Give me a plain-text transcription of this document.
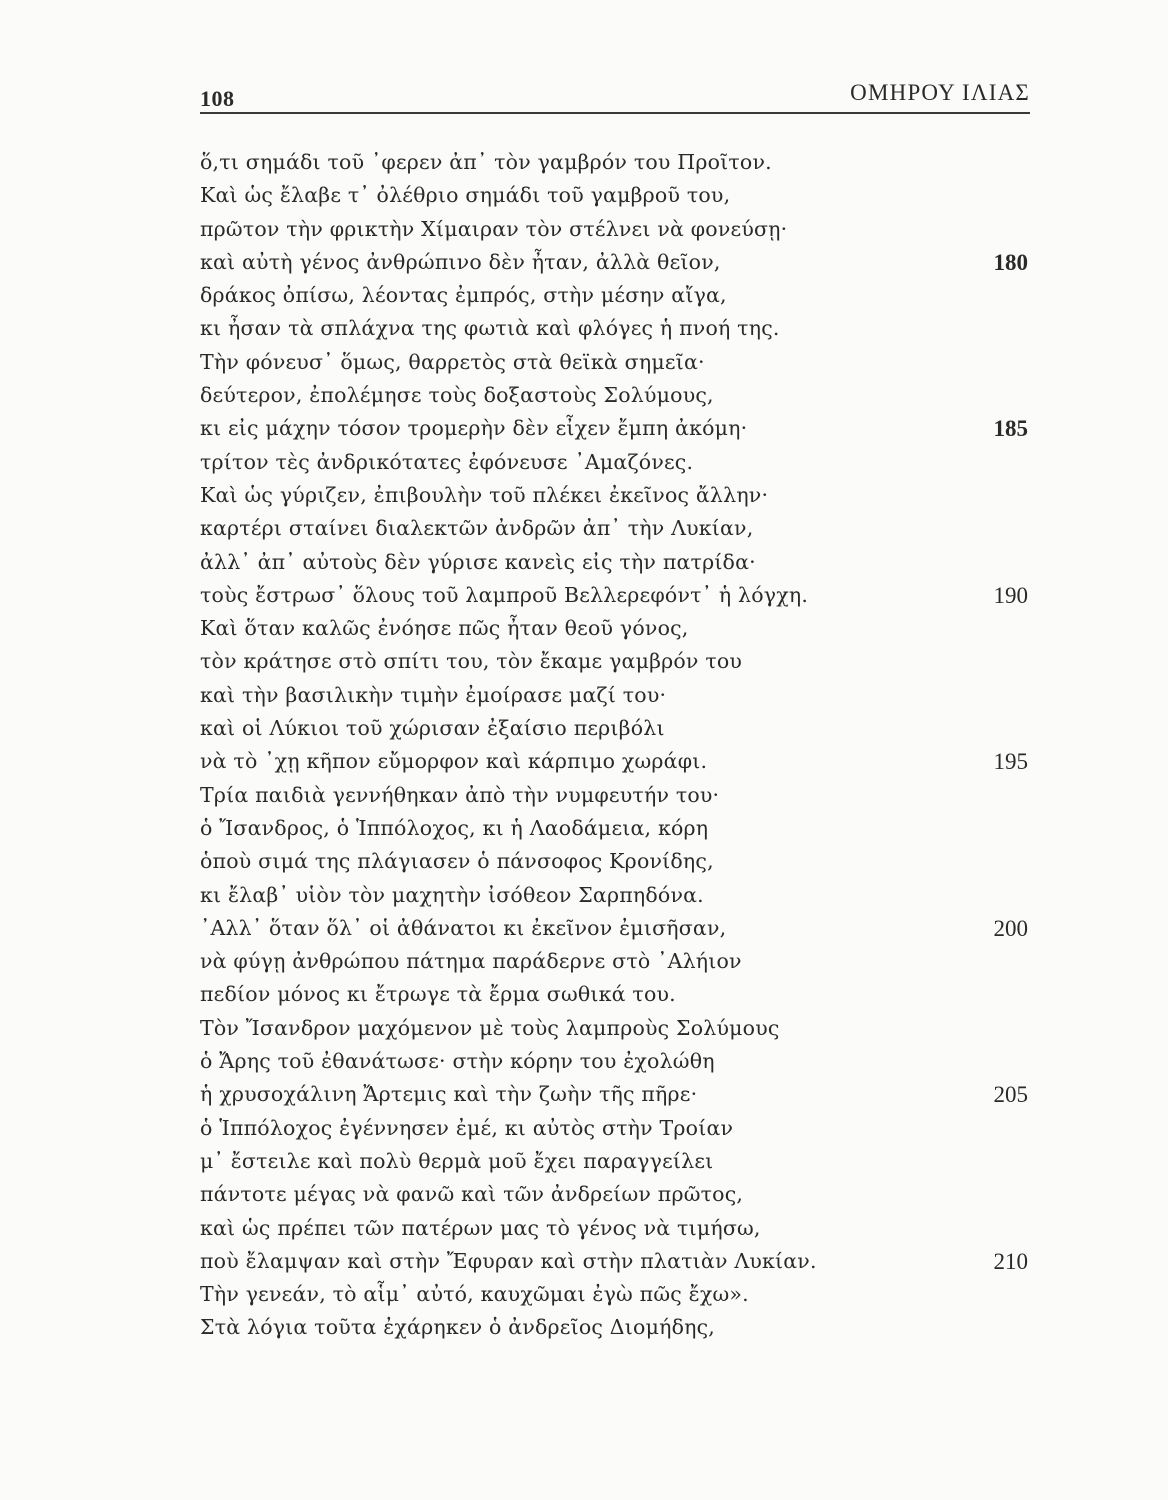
108	ΟΜΗΡΟΥ ΙΛΙΑΣ
ὅ,τι σημάδι τοῦ ᾽φερεν ἀπ᾽ τὸν γαμβρόν του Προῖτον.
Καὶ ὡς ἔλαβε τ᾽ ὀλέθριο σημάδι τοῦ γαμβροῦ του,
πρῶτον τὴν φρικτὴν Χίμαιραν τὸν στέλνει νὰ φονεύσῃ·
καὶ αὐτὴ γένος ἀνθρώπινο δὲν ἦταν, ἀλλὰ θεῖον,	180
δράκος ὀπίσω, λέοντας ἐμπρός, στὴν μέσην αἴγα,
κι ἦσαν τὰ σπλάχνα της φωτιὰ καὶ φλόγες ἡ πνοή της.
Τὴν φόνευσ᾽ ὅμως, θαρρετὸς στὰ θεϊκὰ σημεῖα·
δεύτερον, ἐπολέμησε τοὺς δοξαστοὺς Σολύμους,
κι εἰς μάχην τόσον τρομερὴν δὲν εἶχεν ἔμπη ἀκόμη·	185
τρίτον τὲς ἀνδρικότατες ἐφόνευσε ᾽Αμαζόνες.
Καὶ ὡς γύριζεν, ἐπιβουλὴν τοῦ πλέκει ἐκεῖνος ἄλλην·
καρτέρι σταίνει διαλεκτῶν ἀνδρῶν ἀπ᾽ τὴν Λυκίαν,
ἀλλ᾽ ἀπ᾽ αὐτοὺς δὲν γύρισε κανεὶς εἰς τὴν πατρίδα·
τοὺς ἔστρωσ᾽ ὅλους τοῦ λαμπροῦ Βελλερεφόντ᾽ ἡ λόγχη.	190
Καὶ ὅταν καλῶς ἐνόησε πῶς ἦταν θεοῦ γόνος,
τὸν κράτησε στὸ σπίτι του, τὸν ἔκαμε γαμβρόν του
καὶ τὴν βασιλικὴν τιμὴν ἐμοίρασε μαζί του·
καὶ οἱ Λύκιοι τοῦ χώρισαν ἐξαίσιο περιβόλι
νὰ τὸ ᾽χῃ κῆπον εὔμορφον καὶ κάρπιμο χωράφι.	195
Τρία παιδιὰ γεννήθηκαν ἀπὸ τὴν νυμφευτήν του·
ὁ Ἴσανδρος, ὁ Ἱππόλοχος, κι ἡ Λαοδάμεια, κόρη
ὁποὺ σιμά της πλάγιασεν ὁ πάνσοφος Κρονίδης,
κι ἔλαβ᾽ υἱὸν τὸν μαχητὴν ἰσόθεον Σαρπηδόνα.
᾽Αλλ᾽ ὅταν ὅλ᾽ οἱ ἀθάνατοι κι ἐκεῖνον ἐμισῆσαν,	200
νὰ φύγῃ ἀνθρώπου πάτημα παράδερνε στὸ ᾽Αλήιον
πεδίον μόνος κι ἔτρωγε τὰ ἔρμα σωθικά του.
Τὸν Ἴσανδρον μαχόμενον μὲ τοὺς λαμπροὺς Σολύμους
ὁ Ἄρης τοῦ ἐθανάτωσε· στὴν κόρην του ἐχολώθη
ἡ χρυσοχάλινη Ἄρτεμις καὶ τὴν ζωὴν τῆς πῆρε·	205
ὁ Ἱππόλοχος ἐγέννησεν ἐμέ, κι αὐτὸς στὴν Τροίαν
μ᾽ ἔστειλε καὶ πολὺ θερμὰ μοῦ ἔχει παραγγείλει
πάντοτε μέγας νὰ φανῶ καὶ τῶν ἀνδρείων πρῶτος,
καὶ ὡς πρέπει τῶν πατέρων μας τὸ γένος νὰ τιμήσω,
ποὺ ἔλαμψαν καὶ στὴν Ἔφυραν καὶ στὴν πλατιὰν Λυκίαν.	210
Τὴν γενεάν, τὸ αἷμ᾽ αὐτό, καυχῶμαι ἐγὼ πῶς ἔχω».
Στὰ λόγια τοῦτα ἐχάρηκεν ὁ ἀνδρεῖος Διομήδης,
